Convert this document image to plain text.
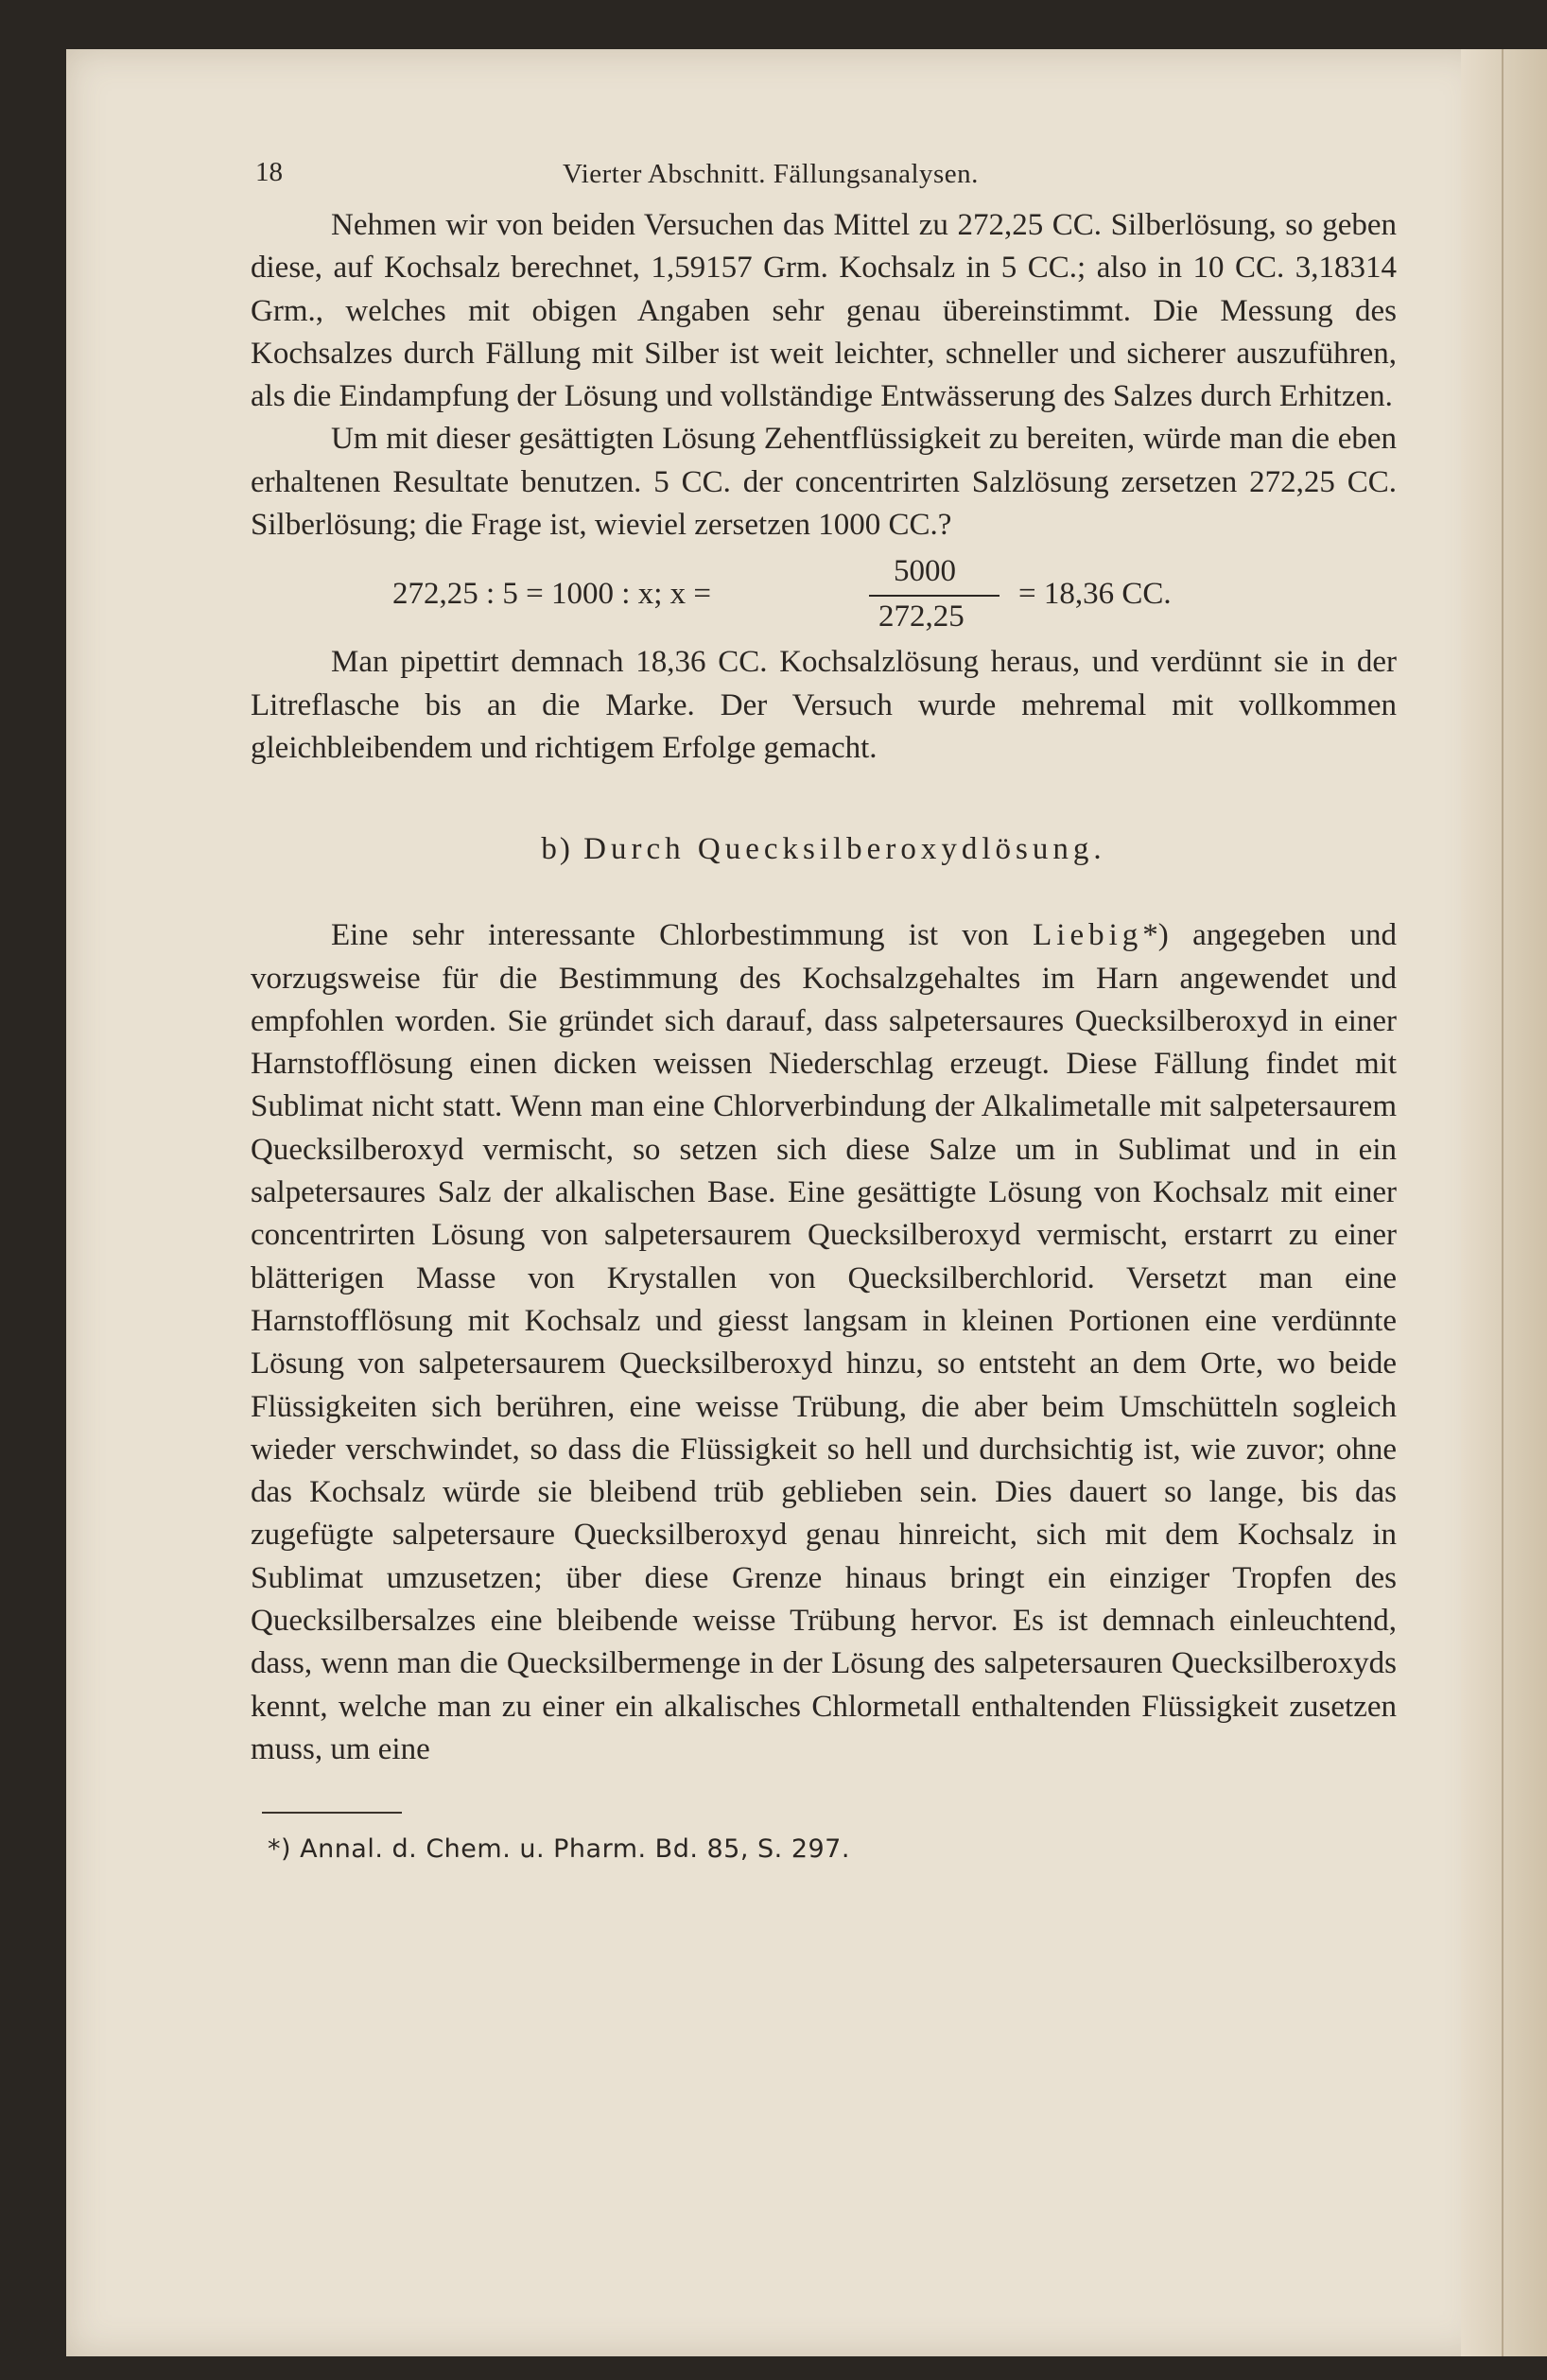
18	Vierter Abschnitt. Fällungsanalysen.

Nehmen wir von beiden Versuchen das Mittel zu 272,25 CC. Silberlösung, so geben diese, auf Kochsalz berechnet, 1,59157 Grm. Kochsalz in 5 CC.; also in 10 CC. 3,18314 Grm., welches mit obigen Angaben sehr genau übereinstimmt. Die Messung des Kochsalzes durch Fällung mit Silber ist weit leichter, schneller und sicherer auszuführen, als die Eindampfung der Lösung und vollständige Entwässerung des Salzes durch Erhitzen.

Um mit dieser gesättigten Lösung Zehentflüssigkeit zu bereiten, würde man die eben erhaltenen Resultate benutzen. 5 CC. der concentrirten Salzlösung zersetzen 272,25 CC. Silberlösung; die Frage ist, wieviel zersetzen 1000 CC.?

272,25 : 5 = 1000 : x; x =
5000
272,25
= 18,36 CC.

Man pipettirt demnach 18,36 CC. Kochsalzlösung heraus, und verdünnt sie in der Litreflasche bis an die Marke. Der Versuch wurde mehremal mit vollkommen gleichbleibendem und richtigem Erfolge gemacht.

b) Durch Quecksilberoxydlösung.

Eine sehr interessante Chlorbestimmung ist von Liebig*) angegeben und vorzugsweise für die Bestimmung des Kochsalzgehaltes im Harn angewendet und empfohlen worden. Sie gründet sich darauf, dass salpetersaures Quecksilberoxyd in einer Harnstofflösung einen dicken weissen Niederschlag erzeugt. Diese Fällung findet mit Sublimat nicht statt. Wenn man eine Chlorverbindung der Alkalimetalle mit salpetersaurem Quecksilberoxyd vermischt, so setzen sich diese Salze um in Sublimat und in ein salpetersaures Salz der alkalischen Base. Eine gesättigte Lösung von Kochsalz mit einer concentrirten Lösung von salpetersaurem Quecksilberoxyd vermischt, erstarrt zu einer blätterigen Masse von Krystallen von Quecksilberchlorid. Versetzt man eine Harnstofflösung mit Kochsalz und giesst langsam in kleinen Portionen eine verdünnte Lösung von salpetersaurem Quecksilberoxyd hinzu, so entsteht an dem Orte, wo beide Flüssigkeiten sich berühren, eine weisse Trübung, die aber beim Umschütteln sogleich wieder verschwindet, so dass die Flüssigkeit so hell und durchsichtig ist, wie zuvor; ohne das Kochsalz würde sie bleibend trüb geblieben sein. Dies dauert so lange, bis das zugefügte salpetersaure Quecksilberoxyd genau hinreicht, sich mit dem Kochsalz in Sublimat umzusetzen; über diese Grenze hinaus bringt ein einziger Tropfen des Quecksilbersalzes eine bleibende weisse Trübung hervor. Es ist demnach einleuchtend, dass, wenn man die Quecksilbermenge in der Lösung des salpetersauren Quecksilberoxyds kennt, welche man zu einer ein alkalisches Chlormetall enthaltenden Flüssigkeit zusetzen muss, um eine

*) Annal. d. Chem. u. Pharm. Bd. 85, S. 297.
